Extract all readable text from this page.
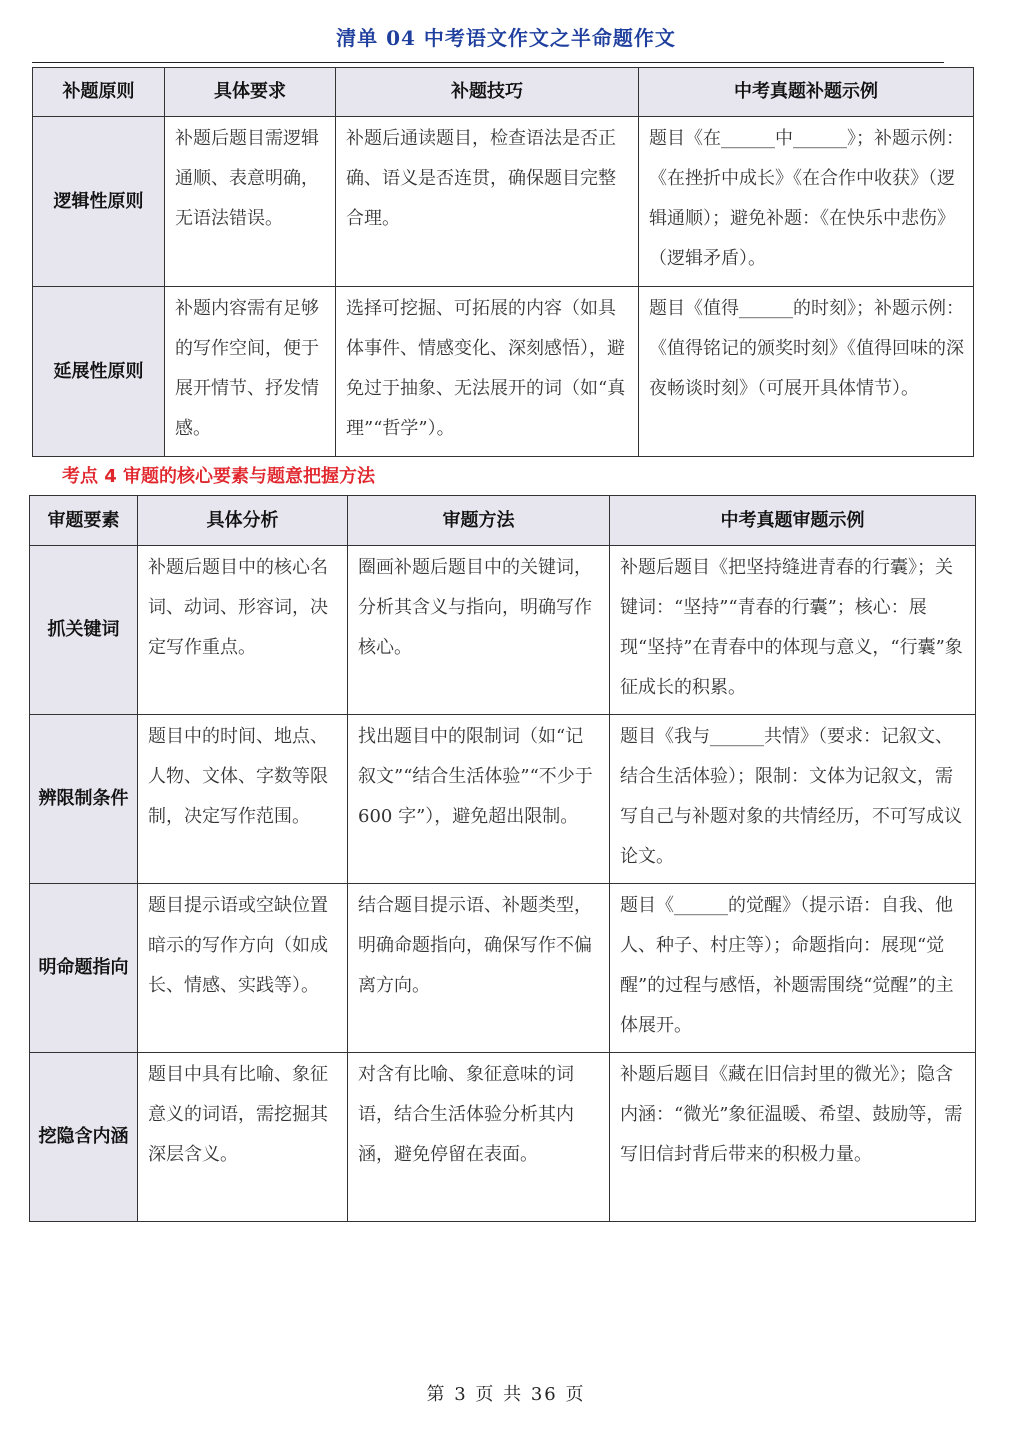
清单 04 中考语文作文之半命题作文
补题原则	具体要求	补题技巧	中考真题补题示例
逻辑性原则	补题后题目需逻辑通顺、表意明确，无语法错误。	补题后通读题目，检查语法是否正确、语义是否连贯，确保题目完整合理。	题目《在______中______》；补题示例：《在挫折中成长》《在合作中收获》（逻辑通顺）；避免补题：《在快乐中悲伤》（逻辑矛盾）。
延展性原则	补题内容需有足够的写作空间，便于展开情节、抒发情感。	选择可挖掘、可拓展的内容（如具体事件、情感变化、深刻感悟），避免过于抽象、无法展开的词（如“真理”“哲学”）。	题目《值得______的时刻》；补题示例：《值得铭记的颁奖时刻》《值得回味的深夜畅谈时刻》（可展开具体情节）。
考点 4 审题的核心要素与题意把握方法
审题要素	具体分析	审题方法	中考真题审题示例
抓关键词	补题后题目中的核心名词、动词、形容词，决定写作重点。	圈画补题后题目中的关键词，分析其含义与指向，明确写作核心。	补题后题目《把坚持缝进青春的行囊》；关键词：“坚持”“青春的行囊”；核心：展现“坚持”在青春中的体现与意义，“行囊”象征成长的积累。
辨限制条件	题目中的时间、地点、人物、文体、字数等限制，决定写作范围。	找出题目中的限制词（如“记叙文”“结合生活体验”“不少于 600 字”），避免超出限制。	题目《我与______共情》（要求：记叙文、结合生活体验）；限制：文体为记叙文，需写自己与补题对象的共情经历，不可写成议论文。
明命题指向	题目提示语或空缺位置暗示的写作方向（如成长、情感、实践等）。	结合题目提示语、补题类型，明确命题指向，确保写作不偏离方向。	题目《______的觉醒》（提示语：自我、他人、种子、村庄等）；命题指向：展现“觉醒”的过程与感悟，补题需围绕“觉醒”的主体展开。
挖隐含内涵	题目中具有比喻、象征意义的词语，需挖掘其深层含义。	对含有比喻、象征意味的词语，结合生活体验分析其内涵，避免停留在表面。	补题后题目《藏在旧信封里的微光》；隐含内涵：“微光”象征温暖、希望、鼓励等，需写旧信封背后带来的积极力量。
第 3 页 共 36 页
